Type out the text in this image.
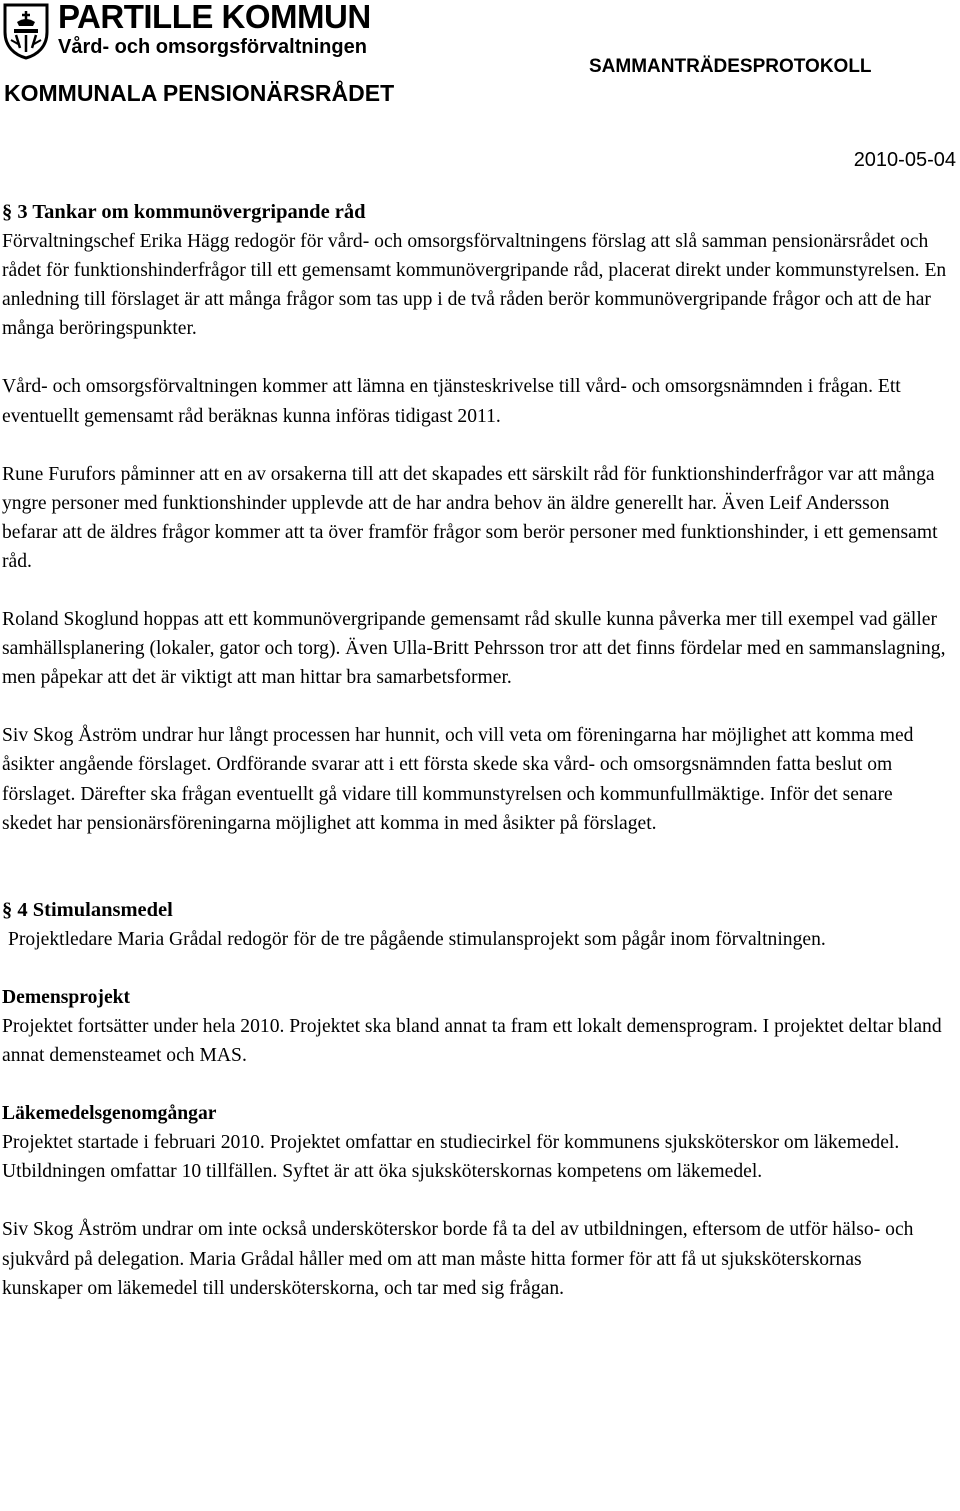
PARTILLE KOMMUN
Vård- och omsorgsförvaltningen
SAMMANTRÄDESPROTOKOLL
KOMMUNALA PENSIONÄRSRÅDET
2010-05-04

§ 3 Tankar om kommunövergripande råd

Förvaltningschef Erika Hägg redogör för vård- och omsorgsförvaltningens förslag att slå samman pensionärsrådet och rådet för funktionshinderfrågor till ett gemensamt kommunövergripande råd, placerat direkt under kommunstyrelsen. En anledning till förslaget är att många frågor som tas upp i de två råden berör kommunövergripande frågor och att de har många beröringspunkter.

Vård- och omsorgsförvaltningen kommer att lämna en tjänsteskrivelse till vård- och omsorgsnämnden i frågan. Ett eventuellt gemensamt råd beräknas kunna införas tidigast 2011.

Rune Furufors påminner att en av orsakerna till att det skapades ett särskilt råd för funktionshinderfrågor var att många yngre personer med funktionshinder upplevde att de har andra behov än äldre generellt har. Även Leif Andersson befarar att de äldres frågor kommer att ta över framför frågor som berör personer med funktionshinder, i ett gemensamt råd.

Roland Skoglund hoppas att ett kommunövergripande gemensamt råd skulle kunna påverka mer till exempel vad gäller samhällsplanering (lokaler, gator och torg). Även Ulla-Britt Pehrsson tror att det finns fördelar med en sammanslagning, men påpekar att det är viktigt att man hittar bra samarbetsformer.

Siv Skog Åström undrar hur långt processen har hunnit, och vill veta om föreningarna har möjlighet att komma med åsikter angående förslaget. Ordförande svarar att i ett första skede ska vård- och omsorgsnämnden fatta beslut om förslaget. Därefter ska frågan eventuellt gå vidare till kommunstyrelsen och kommunfullmäktige. Inför det senare skedet har pensionärsföreningarna möjlighet att komma in med åsikter på förslaget.

§ 4 Stimulansmedel

Projektledare Maria Grådal redogör för de tre pågående stimulansprojekt som pågår inom förvaltningen.

Demensprojekt

Projektet fortsätter under hela 2010. Projektet ska bland annat ta fram ett lokalt demensprogram. I projektet deltar bland annat demensteamet och MAS.

Läkemedelsgenomgångar

Projektet startade i februari 2010. Projektet omfattar en studiecirkel för kommunens sjuksköterskor om läkemedel. Utbildningen omfattar 10 tillfällen. Syftet är att öka sjuksköterskornas kompetens om läkemedel.

Siv Skog Åström undrar om inte också undersköterskor borde få ta del av utbildningen, eftersom de utför hälso- och sjukvård på delegation. Maria Grådal håller med om att man måste hitta former för att få ut sjuksköterskornas kunskaper om läkemedel till undersköterskorna, och tar med sig frågan.
